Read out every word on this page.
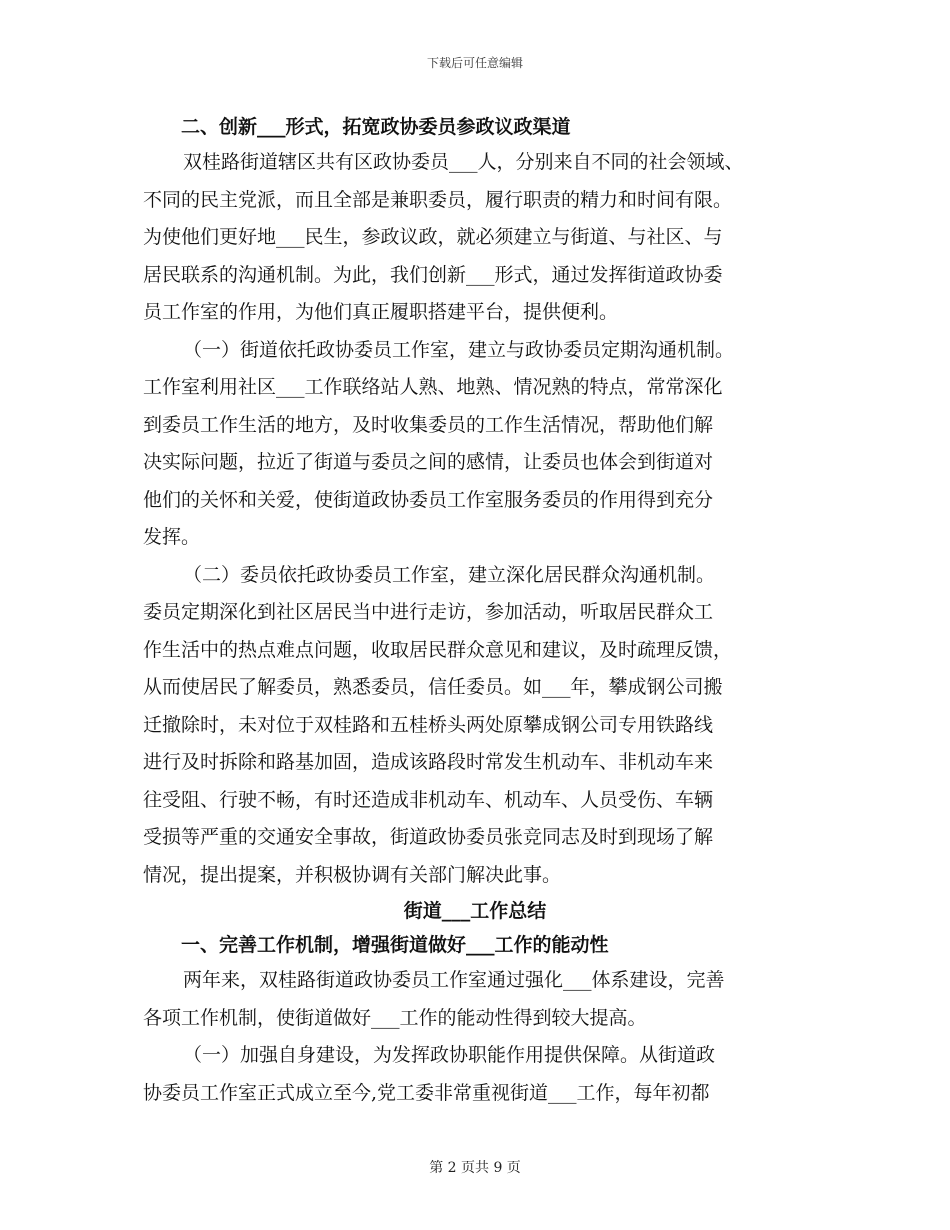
下载后可任意编辑
二、创新___形式，拓宽政协委员参政议政渠道
双桂路街道辖区共有区政协委员___人，分别来自不同的社会领域、
不同的民主党派，而且全部是兼职委员，履行职责的精力和时间有限。
为使他们更好地___民生，参政议政，就必须建立与街道、与社区、与
居民联系的沟通机制。为此，我们创新___形式，通过发挥街道政协委
员工作室的作用，为他们真正履职搭建平台，提供便利。
（一）街道依托政协委员工作室，建立与政协委员定期沟通机制。
工作室利用社区___工作联络站人熟、地熟、情况熟的特点，常常深化
到委员工作生活的地方，及时收集委员的工作生活情况，帮助他们解
决实际问题，拉近了街道与委员之间的感情，让委员也体会到街道对
他们的关怀和关爱，使街道政协委员工作室服务委员的作用得到充分
发挥。
（二）委员依托政协委员工作室，建立深化居民群众沟通机制。
委员定期深化到社区居民当中进行走访，参加活动，听取居民群众工
作生活中的热点难点问题，收取居民群众意见和建议，及时疏理反馈，
从而使居民了解委员，熟悉委员，信任委员。如___年，攀成钢公司搬
迁撤除时，未对位于双桂路和五桂桥头两处原攀成钢公司专用铁路线
进行及时拆除和路基加固，造成该路段时常发生机动车、非机动车来
往受阻、行驶不畅，有时还造成非机动车、机动车、人员受伤、车辆
受损等严重的交通安全事故，街道政协委员张竞同志及时到现场了解
情况，提出提案，并积极协调有关部门解决此事。
街道___工作总结
一、完善工作机制，增强街道做好___工作的能动性
两年来，双桂路街道政协委员工作室通过强化___体系建设，完善
各项工作机制，使街道做好___工作的能动性得到较大提高。
（一）加强自身建设，为发挥政协职能作用提供保障。从街道政
协委员工作室正式成立至今,党工委非常重视街道___工作，每年初都
第 2 页共 9 页
